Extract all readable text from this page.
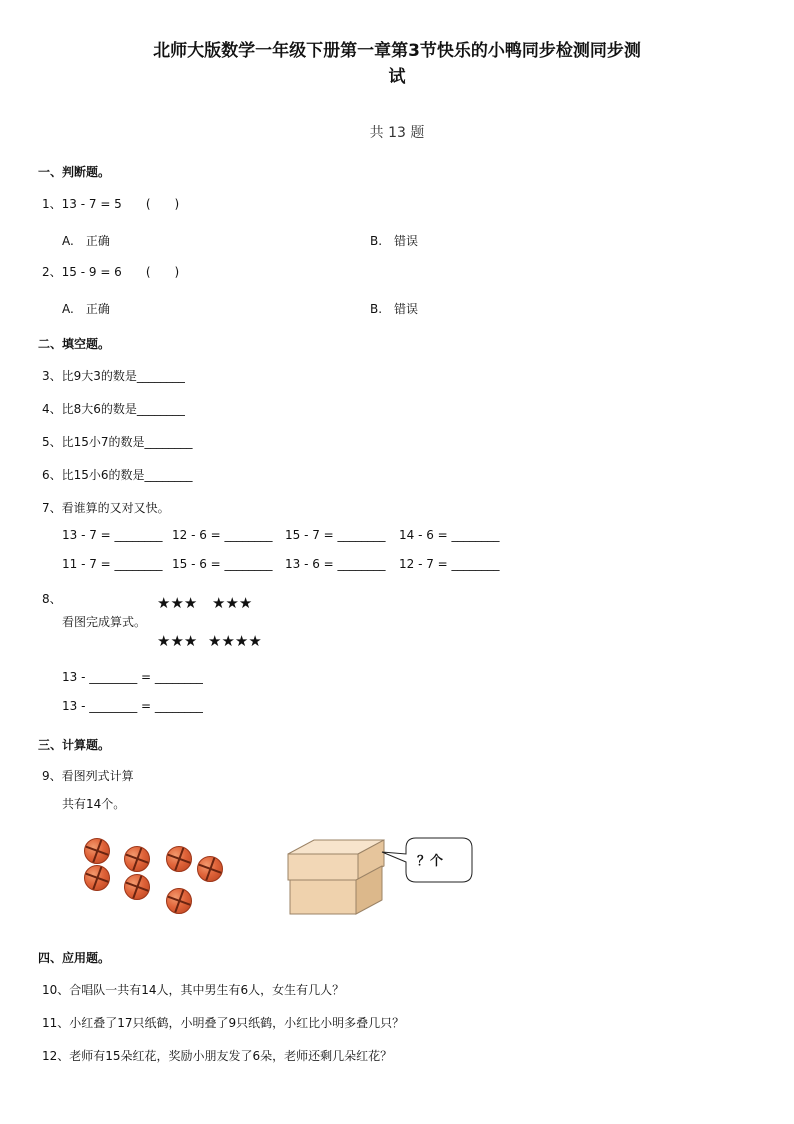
北师大版数学一年级下册第一章第3节快乐的小鸭同步检测同步测
试
共 13 题
一、判断题。
1、13 - 7 = 5　　(　　)
A.　正确	B.　错误
2、15 - 9 = 6　　(　　)
A.　正确	B.　错误
二、填空题。
3、比9大3的数是________
4、比8大6的数是________
5、比15小7的数是________
6、比15小6的数是________
7、看谁算的又对又快。
13 - 7 = ________ 12 - 6 = ________ 15 - 7 = ________ 14 - 6 = ________
11 - 7 = ________ 15 - 6 = ________ 13 - 6 = ________ 12 - 7 = ________
8、	★★★ ★★★
看图完成算式。
★★★ ★★★★
13 - ________ = ________
13 - ________ = ________
三、计算题。
9、看图列式计算
共有14个。
？个
四、应用题。
10、合唱队一共有14人，其中男生有6人，女生有几人？
11、小红叠了17只纸鹤，小明叠了9只纸鹤，小红比小明多叠几只？
12、老师有15朵红花，奖励小朋友发了6朵，老师还剩几朵红花？
